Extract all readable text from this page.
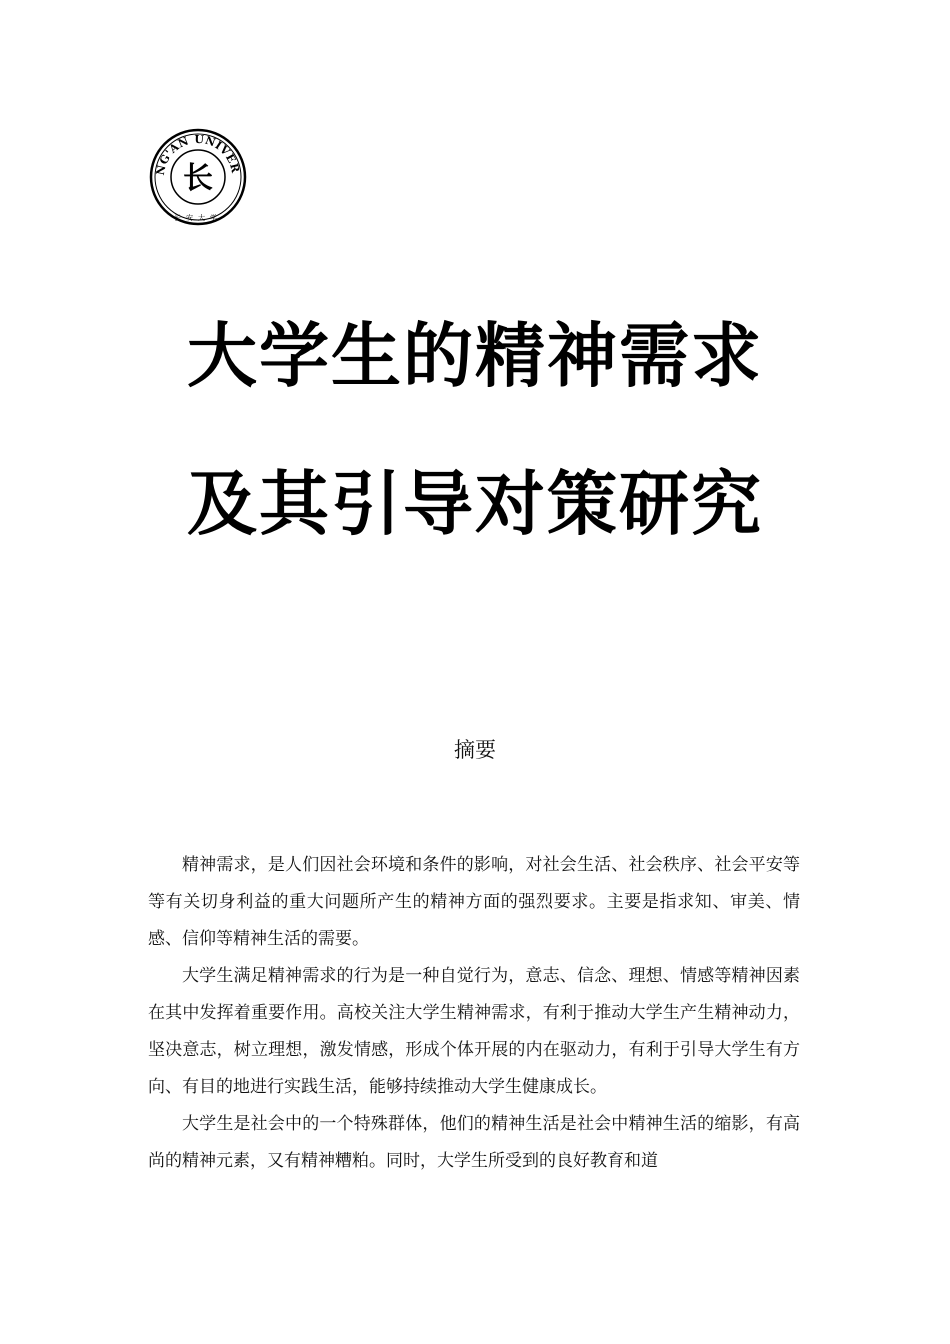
NG'AN UNIVER
长
长安大学
大学生的精神需求
及其引导对策研究
摘要

精神需求，是人们因社会环境和条件的影响，对社会生活、社会秩序、社会平安等等有关切身利益的重大问题所产生的精神方面的强烈要求。主要是指求知、审美、情感、信仰等精神生活的需要。

大学生满足精神需求的行为是一种自觉行为，意志、信念、理想、情感等精神因素在其中发挥着重要作用。高校关注大学生精神需求，有利于推动大学生产生精神动力，坚决意志，树立理想，激发情感，形成个体开展的内在驱动力，有利于引导大学生有方向、有目的地进行实践生活，能够持续推动大学生健康成长。

大学生是社会中的一个特殊群体，他们的精神生活是社会中精神生活的缩影，有高尚的精神元素，又有精神糟粕。同时，大学生所受到的良好教育和道
